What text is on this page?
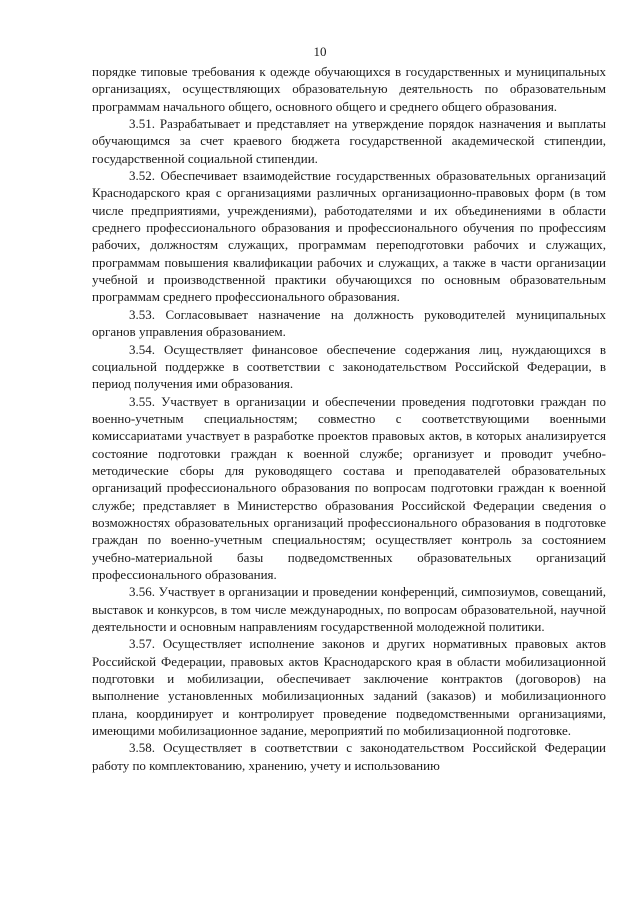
10

порядке типовые требования к одежде обучающихся в государственных и муниципальных организациях, осуществляющих образовательную деятельность по образовательным программам начального общего, основного общего и среднего общего образования.

3.51. Разрабатывает и представляет на утверждение порядок назначения и выплаты обучающимся за счет краевого бюджета государственной академической стипендии, государственной социальной стипендии.

3.52. Обеспечивает взаимодействие государственных образовательных организаций Краснодарского края с организациями различных организационно-правовых форм (в том числе предприятиями, учреждениями), работодателями и их объединениями в области среднего профессионального образования и профессионального обучения по профессиям рабочих, должностям служащих, программам переподготовки рабочих и служащих, программам повышения квалификации рабочих и служащих, а также в части организации учебной и производственной практики обучающихся по основным образовательным программам среднего профессионального образования.

3.53. Согласовывает назначение на должность руководителей муниципальных органов управления образованием.

3.54. Осуществляет финансовое обеспечение содержания лиц, нуждающихся в социальной поддержке в соответствии с законодательством Российской Федерации, в период получения ими образования.

3.55. Участвует в организации и обеспечении проведения подготовки граждан по военно-учетным специальностям; совместно с соответствующими военными комиссариатами участвует в разработке проектов правовых актов, в которых анализируется состояние подготовки граждан к военной службе; организует и проводит учебно-методические сборы для руководящего состава и преподавателей образовательных организаций профессионального образования по вопросам подготовки граждан к военной службе; представляет в Министерство образования Российской Федерации сведения о возможностях образовательных организаций профессионального образования в подготовке граждан по военно-учетным специальностям; осуществляет контроль за состоянием учебно-материальной базы подведомственных образовательных организаций профессионального образования.

3.56. Участвует в организации и проведении конференций, симпозиумов, совещаний, выставок и конкурсов, в том числе международных, по вопросам образовательной, научной деятельности и основным направлениям государственной молодежной политики.

3.57. Осуществляет исполнение законов и других нормативных правовых актов Российской Федерации, правовых актов Краснодарского края в области мобилизационной подготовки и мобилизации, обеспечивает заключение контрактов (договоров) на выполнение установленных мобилизационных заданий (заказов) и мобилизационного плана, координирует и контролирует проведение подведомственными организациями, имеющими мобилизационное задание, мероприятий по мобилизационной подготовке.

3.58. Осуществляет в соответствии с законодательством Российской Федерации работу по комплектованию, хранению, учету и использованию
